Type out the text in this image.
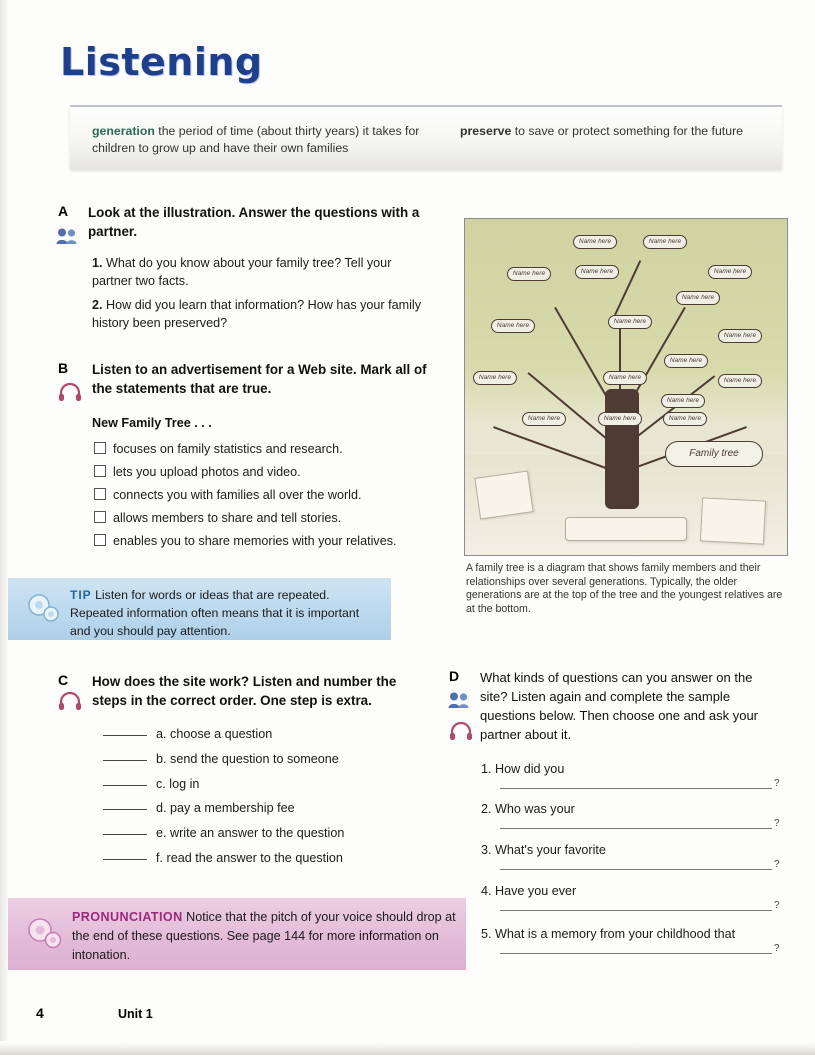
Listening
generation the period of time (about thirty years) it takes for children to grow up and have their own families	preserve to save or protect something for the future
A Look at the illustration. Answer the questions with a partner.
1. What do you know about your family tree? Tell your partner two facts.
2. How did you learn that information? How has your family history been preserved?
B Listen to an advertisement for a Web site. Mark all of the statements that are true.
New Family Tree . . .
focuses on family statistics and research.
lets you upload photos and video.
connects you with families all over the world.
allows members to share and tell stories.
enables you to share memories with your relatives.
Name here	Name here
Name here	Name here	Name here
Name here
Name here
Name here
Name here
Name here
Name here	Name here	Name here
Name here
Name here	Name here	Name here
Family tree
A family tree is a diagram that shows family members and their relationships over several generations. Typically, the older generations are at the top of the tree and the youngest relatives are at the bottom.
TIP Listen for words or ideas that are repeated. Repeated information often means that it is important and you should pay attention.
C How does the site work? Listen and number the steps in the correct order. One step is extra.
a. choose a question
b. send the question to someone
c. log in
d. pay a membership fee
e. write an answer to the question
f. read the answer to the question
D What kinds of questions can you answer on the site? Listen again and complete the sample questions below. Then choose one and ask your partner about it.
1. How did you
?
2. Who was your
?
3. What's your favorite
?
4. Have you ever
?
5. What is a memory from your childhood that
?
PRONUNCIATION Notice that the pitch of your voice should drop at the end of these questions. See page 144 for more information on intonation.
4	Unit 1
